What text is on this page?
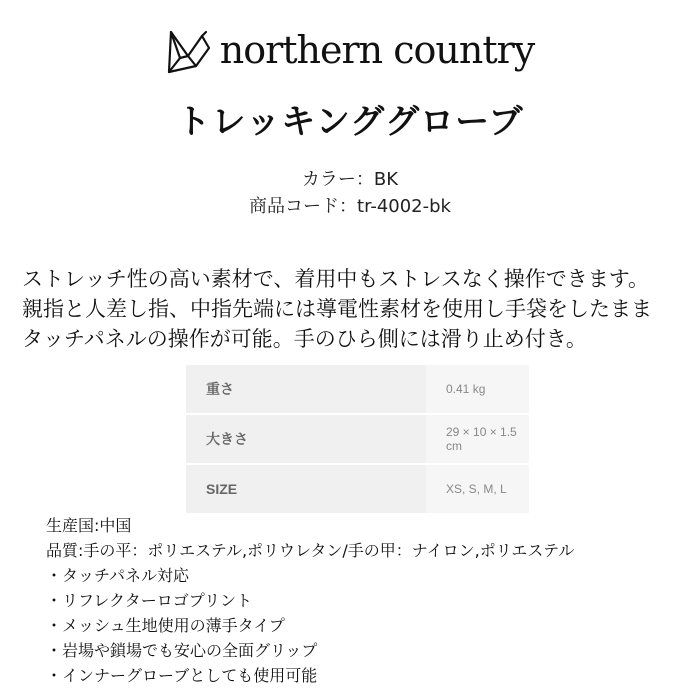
northern country
トレッキンググローブ
カラー：BK
商品コード：tr-4002-bk
ストレッチ性の高い素材で、着用中もストレスなく操作できます。
親指と人差し指、中指先端には導電性素材を使用し手袋をしたまま
タッチパネルの操作が可能。手のひら側には滑り止め付き。
重さ	0.41 kg
大きさ	29 × 10 × 1.5 cm
SIZE	XS, S, M, L
生産国:中国
品質:手の平：ポリエステル,ポリウレタン/手の甲：ナイロン,ポリエステル
・タッチパネル対応
・リフレクターロゴプリント
・メッシュ生地使用の薄手タイプ
・岩場や鎖場でも安心の全面グリップ
・インナーグローブとしても使用可能
